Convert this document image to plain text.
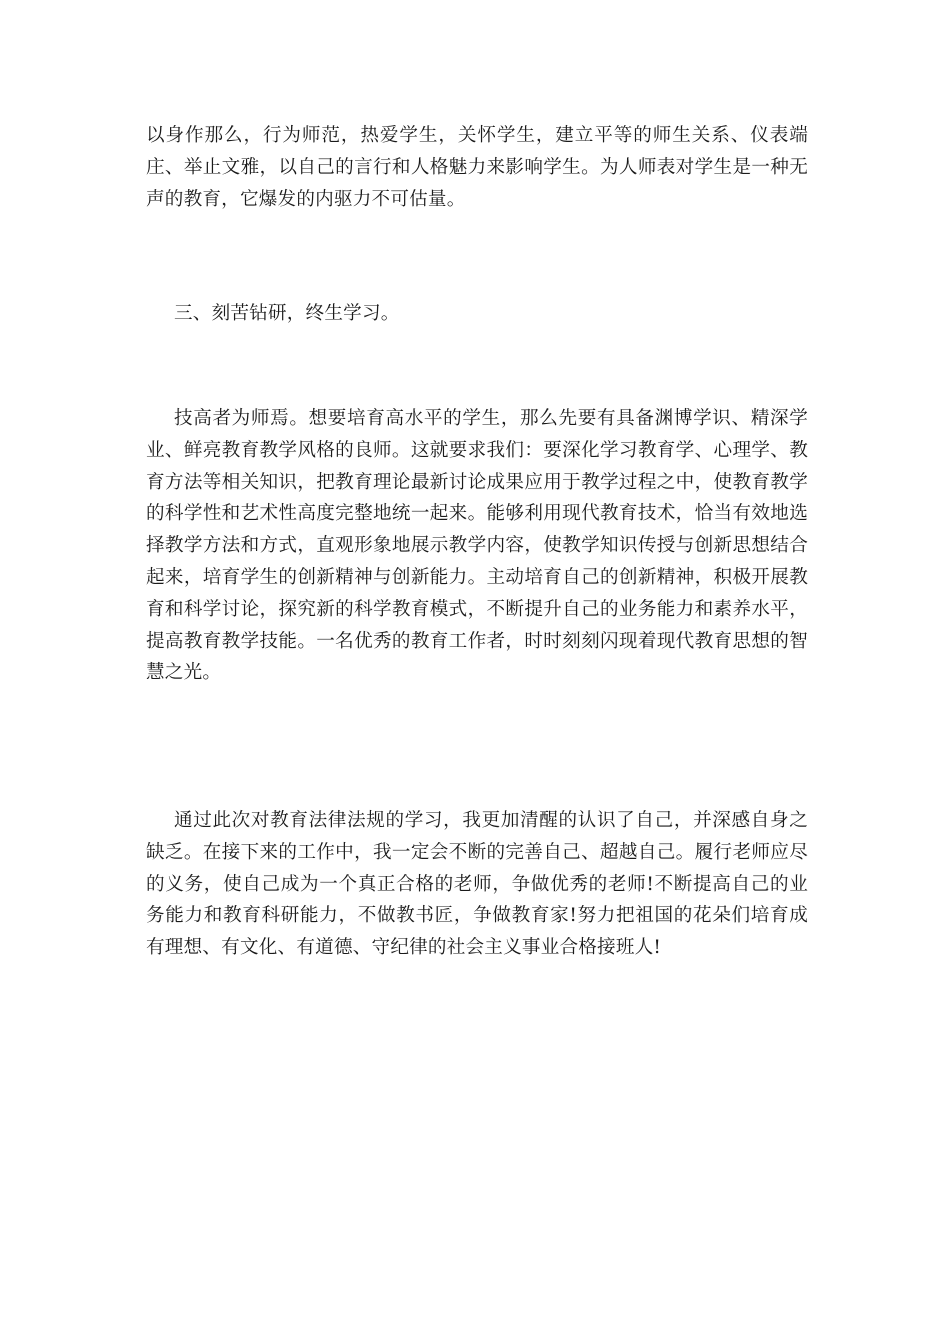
以身作那么，行为师范，热爱学生，关怀学生，建立平等的师生关系、仪表端庄、举止文雅，以自己的言行和人格魅力来影响学生。为人师表对学生是一种无声的教育，它爆发的内驱力不可估量。

三、刻苦钻研，终生学习。

技高者为师焉。想要培育高水平的学生，那么先要有具备渊博学识、精深学业、鲜亮教育教学风格的良师。这就要求我们：要深化学习教育学、心理学、教育方法等相关知识，把教育理论最新讨论成果应用于教学过程之中，使教育教学的科学性和艺术性高度完整地统一起来。能够利用现代教育技术，恰当有效地选择教学方法和方式，直观形象地展示教学内容，使教学知识传授与创新思想结合起来，培育学生的创新精神与创新能力。主动培育自己的创新精神，积极开展教育和科学讨论，探究新的科学教育模式，不断提升自己的业务能力和素养水平，提高教育教学技能。一名优秀的教育工作者，时时刻刻闪现着现代教育思想的智慧之光。

通过此次对教育法律法规的学习，我更加清醒的认识了自己，并深感自身之缺乏。在接下来的工作中，我一定会不断的完善自己、超越自己。履行老师应尽的义务，使自己成为一个真正合格的老师，争做优秀的老师!不断提高自己的业务能力和教育科研能力，不做教书匠，争做教育家!努力把祖国的花朵们培育成有理想、有文化、有道德、守纪律的社会主义事业合格接班人!
